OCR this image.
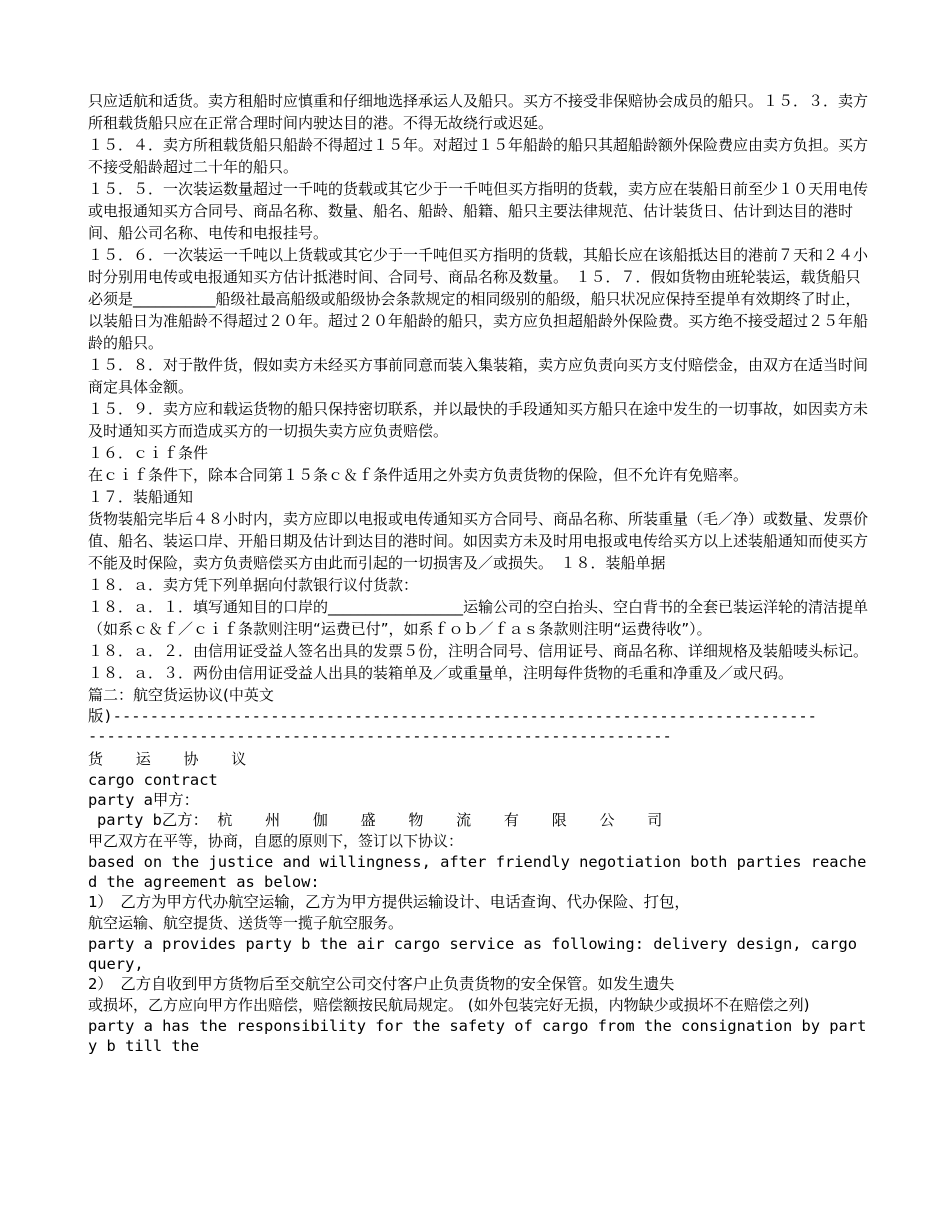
只应适航和适货。卖方租船时应慎重和仔细地选择承运人及船只。买方不接受非保赔协会成员的船只。１５．３．卖方所租载货船只应在正常合理时间内驶达目的港。不得无故绕行或迟延。

１５．４．卖方所租载货船只船龄不得超过１５年。对超过１５年船龄的船只其超船龄额外保险费应由卖方负担。买方不接受船龄超过二十年的船只。

１５．５．一次装运数量超过一千吨的货载或其它少于一千吨但买方指明的货载，卖方应在装船日前至少１０天用电传或电报通知买方合同号、商品名称、数量、船名、船龄、船籍、船只主要法律规范、估计装货日、估计到达目的港时间、船公司名称、电传和电报挂号。

１５．６．一次装运一千吨以上货载或其它少于一千吨但买方指明的货载，其船长应在该船抵达目的港前７天和２４小时分别用电传或电报通知买方估计抵港时间、合同号、商品名称及数量。　１５．７．假如货物由班轮装运，载货船只必须是___________船级社最高船级或船级协会条款规定的相同级别的船级，船只状况应保持至提单有效期终了时止，以装船日为准船龄不得超过２０年。超过２０年船龄的船只，卖方应负担超船龄外保险费。买方绝不接受超过２５年船龄的船只。

１５．８．对于散件货，假如卖方未经买方事前同意而装入集装箱，卖方应负责向买方支付赔偿金，由双方在适当时间商定具体金额。

１５．９．卖方应和载运货物的船只保持密切联系，并以最快的手段通知买方船只在途中发生的一切事故，如因卖方未及时通知买方而造成买方的一切损失卖方应负责赔偿。

１６．ｃｉｆ条件

在ｃｉｆ条件下，除本合同第１５条ｃ＆ｆ条件适用之外卖方负责货物的保险，但不允许有免赔率。

１７．装船通知

货物装船完毕后４８小时内，卖方应即以电报或电传通知买方合同号、商品名称、所装重量（毛／净）或数量、发票价值、船名、装运口岸、开船日期及估计到达目的港时间。如因卖方未及时用电报或电传给买方以上述装船通知而使买方不能及时保险，卖方负责赔偿买方由此而引起的一切损害及／或损失。　１８．装船单据

１８．ａ．卖方凭下列单据向付款银行议付货款：

１８．ａ．１．填写通知目的口岸的__________________运输公司的空白抬头、空白背书的全套已装运洋轮的清洁提单（如系ｃ＆ｆ／ｃｉｆ条款则注明“运费已付”，如系ｆｏｂ／ｆａｓ条款则注明“运费待收”）。

１８．ａ．２．由信用证受益人签名出具的发票５份，注明合同号、信用证号、商品名称、详细规格及装船唛头标记。

１８．ａ．３．两份由信用证受益人出具的装箱单及／或重量单，注明每件货物的毛重和净重及／或尺码。

篇二：航空货运协议(中英文

版)----------------------------------------------------------------------------
---------------------------------------------------------------

货 运 协 议

cargo contract

party a甲方：

party b乙方： 杭 州 伽 盛 物 流 有 限 公 司

甲乙双方在平等，协商，自愿的原则下，签订以下协议：

based on the justice and willingness, after friendly negotiation both parties reached the agreement as below:

1）　乙方为甲方代办航空运输，乙方为甲方提供运输设计、电话查询、代办保险、打包，

航空运输、航空提货、送货等一揽子航空服务。

party a provides party b the air cargo service as following: delivery design, cargo query,

2）　乙方自收到甲方货物后至交航空公司交付客户止负责货物的安全保管。如发生遗失

或损坏，乙方应向甲方作出赔偿，赔偿额按民航局规定。 (如外包装完好无损，内物缺少或损坏不在赔偿之列)

party a has the responsibility for the safety of cargo from the consignation by party b till the
